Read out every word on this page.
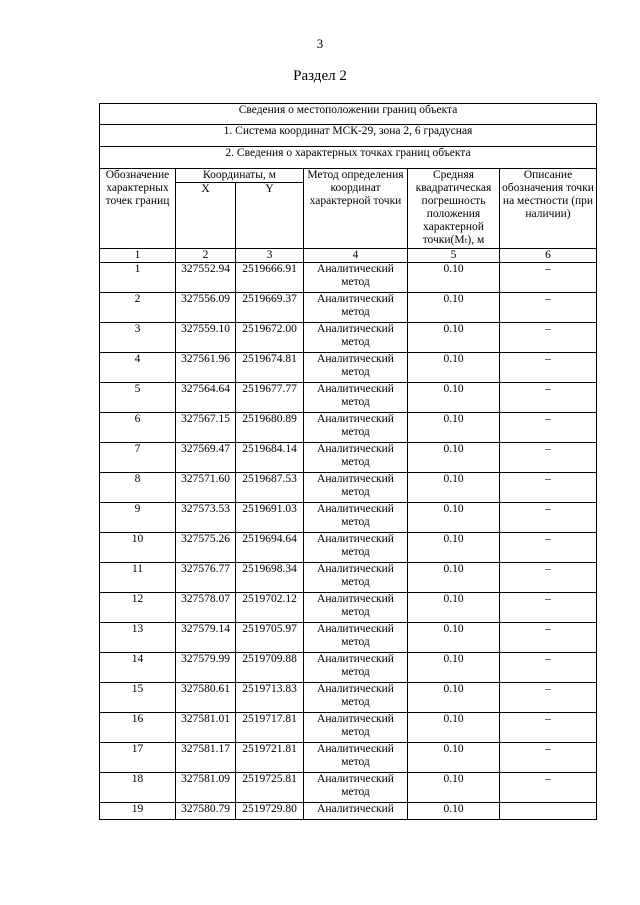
3
Раздел 2
Сведения о местоположении границ объекта					
1. Система координат МСК-29, зона 2, 6 градусная					
2. Сведения о характерных точках границ объекта					
Обозначение характерных точек границ	Координаты, м		Метод определения координат характерной точки	Средняя квадратическая погрешность положения характерной точки(Mₜ), м	Описание обозначения точки на местности (при наличии)
	X	Y			
1	2	3	4	5	6
1	327552.94	2519666.91	Аналитический метод	0.10	–
2	327556.09	2519669.37	Аналитический метод	0.10	–
3	327559.10	2519672.00	Аналитический метод	0.10	–
4	327561.96	2519674.81	Аналитический метод	0.10	–
5	327564.64	2519677.77	Аналитический метод	0.10	–
6	327567.15	2519680.89	Аналитический метод	0.10	–
7	327569.47	2519684.14	Аналитический метод	0.10	–
8	327571.60	2519687.53	Аналитический метод	0.10	–
9	327573.53	2519691.03	Аналитический метод	0.10	–
10	327575.26	2519694.64	Аналитический метод	0.10	–
11	327576.77	2519698.34	Аналитический метод	0.10	–
12	327578.07	2519702.12	Аналитический метод	0.10	–
13	327579.14	2519705.97	Аналитический метод	0.10	–
14	327579.99	2519709.88	Аналитический метод	0.10	–
15	327580.61	2519713.83	Аналитический метод	0.10	–
16	327581.01	2519717.81	Аналитический метод	0.10	–
17	327581.17	2519721.81	Аналитический метод	0.10	–
18	327581.09	2519725.81	Аналитический метод	0.10	–
19	327580.79	2519729.80	Аналитический	0.10	
